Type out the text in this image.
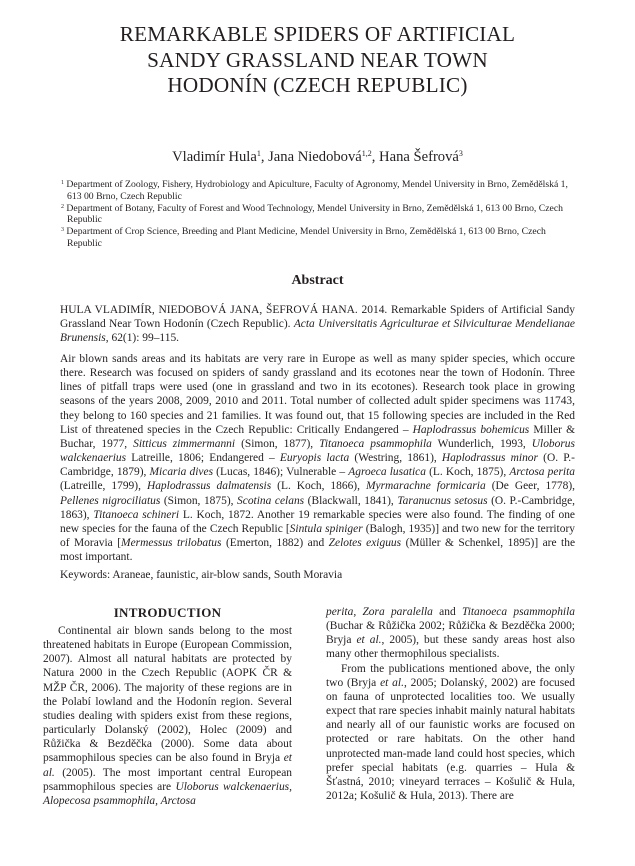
REMARKABLE SPIDERS OF ARTIFICIAL
SANDY GRASSLAND NEAR TOWN
HODONÍN (CZECH REPUBLIC)
Vladimír Hula$^1$, Jana Niedobová$^{1,2}$, Hana Šefrová$^3$

$^1$ Department of Zoology, Fishery, Hydrobiology and Apiculture, Faculty of Agronomy, Mendel University in Brno, Zemědělská 1, 613 00 Brno, Czech Republic

$^2$ Department of Botany, Faculty of Forest and Wood Technology, Mendel University in Brno, Zemědělská 1, 613 00 Brno, Czech Republic

$^3$ Department of Crop Science, Breeding and Plant Medicine, Mendel University in Brno, Zemědělská 1, 613 00 Brno, Czech Republic

Abstract
HULA VLADIMÍR, NIEDOBOVÁ JANA, ŠEFROVÁ HANA. 2014. Remarkable Spiders of Artificial Sandy Grassland Near Town Hodonín (Czech Republic). Acta Universitatis Agriculturae et Silviculturae Mendelianae Brunensis, 62(1): 99–115.
Air blown sands areas and its habitats are very rare in Europe as well as many spider species, which occure there. Research was focused on spiders of sandy grassland and its ecotones near the town of Hodonín. Three lines of pitfall traps were used (one in grassland and two in its ecotones). Research took place in growing seasons of the years 2008, 2009, 2010 and 2011. Total number of collected adult spider specimens was 11743, they belong to 160 species and 21 families. It was found out, that 15 following species are included in the Red List of threatened species in the Czech Republic: Critically Endangered – Haplodrassus bohemicus Miller & Buchar, 1977, Sitticus zimmermanni (Simon, 1877), Titanoeca psammophila Wunderlich, 1993, Uloborus walckenaerius Latreille, 1806; Endangered – Euryopis lacta (Westring, 1861), Haplodrassus minor (O. P.-Cambridge, 1879), Micaria dives (Lucas, 1846); Vulnerable – Agroeca lusatica (L. Koch, 1875), Arctosa perita (Latreille, 1799), Haplodrassus dalmatensis (L. Koch, 1866), Myrmarachne formicaria (De Geer, 1778), Pellenes nigrociliatus (Simon, 1875), Scotina celans (Blackwall, 1841), Taranucnus setosus (O. P.-Cambridge, 1863), Titanoeca schineri L. Koch, 1872. Another 19 remarkable species were also found. The finding of one new species for the fauna of the Czech Republic [Sintula spiniger (Balogh, 1935)] and two new for the territory of Moravia [Mermessus trilobatus (Emerton, 1882) and Zelotes exiguus (Müller & Schenkel, 1895)] are the most important.
Keywords: Araneae, faunistic, air-blow sands, South Moravia
INTRODUCTION

Continental air blown sands belong to the most threatened habitats in Europe (European Commission, 2007). Almost all natural habitats are protected by Natura 2000 in the Czech Republic (AOPK ČR & MŽP ČR, 2006). The majority of these regions are in the Polabí lowland and the Hodonín region. Several studies dealing with spiders exist from these regions, particularly Dolanský (2002), Holec (2009) and Růžička & Bezděčka (2000). Some data about psammophilous species can be also found in Bryja et al. (2005). The most important central European psammophilous species are Uloborus walckenaerius, Alopecosa psammophila, Arctosa

perita, Zora paralella and Titanoeca psammophila (Buchar & Růžička 2002; Růžička & Bezděčka 2000; Bryja et al., 2005), but these sandy areas host also many other thermophilous specialists.

From the publications mentioned above, the only two (Bryja et al., 2005; Dolanský, 2002) are focused on fauna of unprotected localities too. We usually expect that rare species inhabit mainly natural habitats and nearly all of our faunistic works are focused on protected or rare habitats. On the other hand unprotected man-made land could host species, which prefer special habitats (e.g. quarries – Hula & Šťastná, 2010; vineyard terraces – Košulič & Hula, 2012a; Košulič & Hula, 2013). There are
